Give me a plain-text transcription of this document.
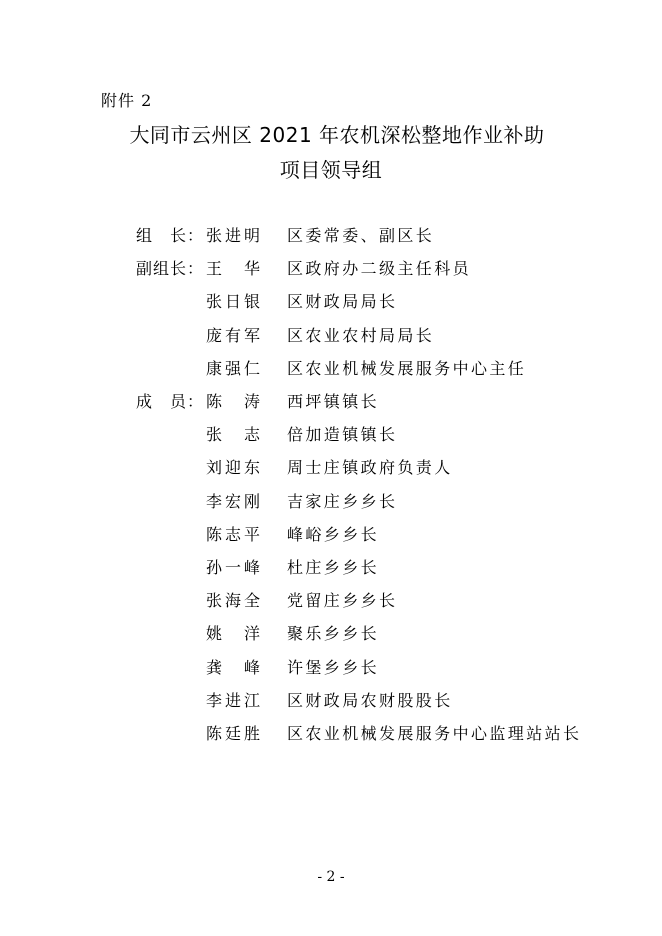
附件 2
大同市云州区 2021 年农机深松整地作业补助
项目领导组
组　长： 张进明 区委常委、副区长
副组长： 王　华 区政府办二级主任科员
张日银 区财政局局长
庞有军 区农业农村局局长
康强仁 区农业机械发展服务中心主任
成　员： 陈　涛 西坪镇镇长
张　志 倍加造镇镇长
刘迎东 周士庄镇政府负责人
李宏刚 吉家庄乡乡长
陈志平 峰峪乡乡长
孙一峰 杜庄乡乡长
张海全 党留庄乡乡长
姚　洋 聚乐乡乡长
龚　峰 许堡乡乡长
李进江 区财政局农财股股长
陈廷胜 区农业机械发展服务中心监理站站长
- 2 -
